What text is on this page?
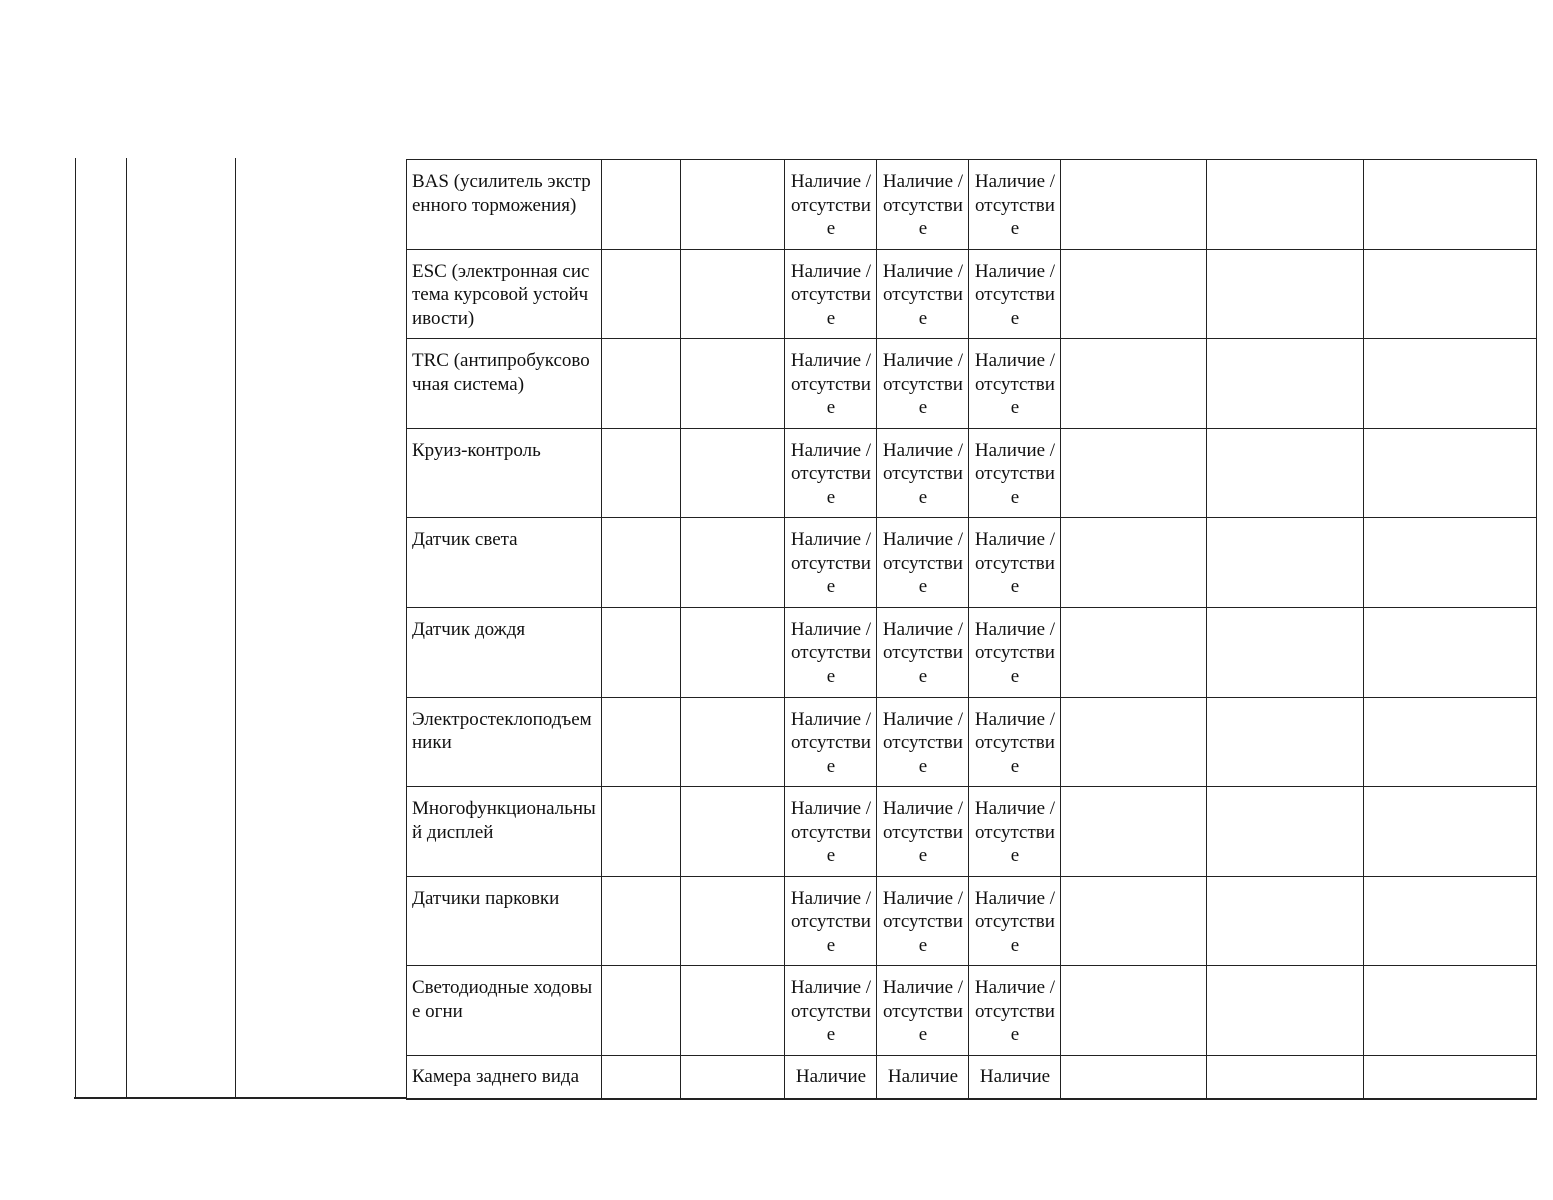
BAS (усилитель экстренного торможения)			Наличие /отсутствие	Наличие /отсутствие	Наличие /отсутствие			
ESC (электронная система курсовой устойчивости)			Наличие /отсутствие	Наличие /отсутствие	Наличие /отсутствие			
TRC (антипробуксовочная система)			Наличие /отсутствие	Наличие /отсутствие	Наличие /отсутствие			
Круиз-контроль			Наличие /отсутствие	Наличие /отсутствие	Наличие /отсутствие			
Датчик света			Наличие /отсутствие	Наличие /отсутствие	Наличие /отсутствие			
Датчик дождя			Наличие /отсутствие	Наличие /отсутствие	Наличие /отсутствие			
Электростеклоподъемники			Наличие /отсутствие	Наличие /отсутствие	Наличие /отсутствие			
Многофункциональный дисплей			Наличие /отсутствие	Наличие /отсутствие	Наличие /отсутствие			
Датчики парковки			Наличие /отсутствие	Наличие /отсутствие	Наличие /отсутствие			
Светодиодные ходовые огни			Наличие /отсутствие	Наличие /отсутствие	Наличие /отсутствие			
Камера заднего вида			Наличие	Наличие	Наличие			
